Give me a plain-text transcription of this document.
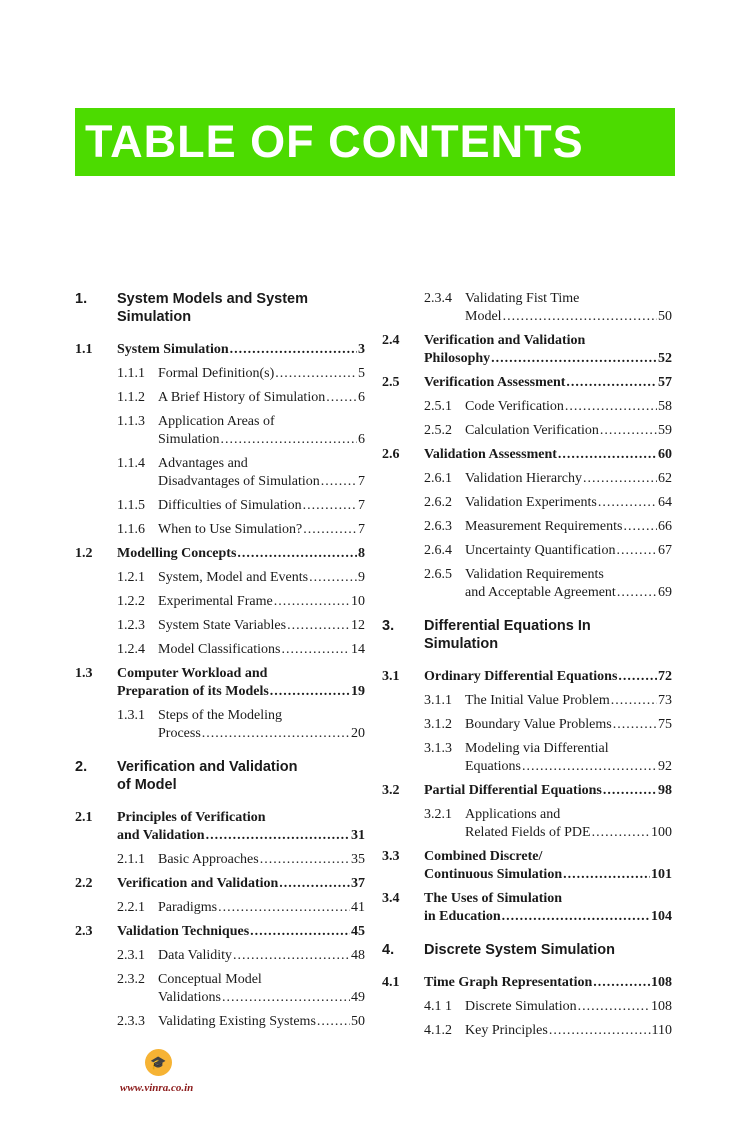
TABLE OF CONTENTS
1. System Models and System
Simulation
1.1 System Simulation .....	3
1.1.1 Formal Definition(s) .....	5
1.1.2 A Brief History of Simulation ..... 6
1.1.3 Application Areas of
Simulation .....	6
1.1.4 Advantages and
Disadvantages of Simulation .....	7
1.1.5 Difficulties of Simulation .....	7
1.1.6 When to Use Simulation? .....	7
1.2 Modelling Concepts .....	8
1.2.1 System, Model and Events .....	9
1.2.2 Experimental Frame .....	10
1.2.3 System State Variables .....	12
1.2.4 Model Classifications .....	14
1.3 Computer Workload and
Preparation of its Models .....	19
1.3.1 Steps of the Modeling
Process .....	20
2. Verification and Validation
of Model
2.1 Principles of Verification
and Validation .....	31
2.1.1 Basic Approaches .....	35
2.2 Verification and Validation .....	37
2.2.1 Paradigms .....	41
2.3 Validation Techniques .....	45
2.3.1 Data Validity .....	48
2.3.2 Conceptual Model
Validations .....	49
2.3.3 Validating Existing Systems .....	50
2.3.4 Validating Fist Time
Model .....	50
2.4 Verification and Validation
Philosophy .....	52
2.5 Verification Assessment .....	57
2.5.1 Code Verification .....	58
2.5.2 Calculation Verification .....	59
2.6 Validation Assessment .....	60
2.6.1 Validation Hierarchy .....	62
2.6.2 Validation Experiments .....	64
2.6.3 Measurement Requirements .....	66
2.6.4 Uncertainty Quantification .....	67
2.6.5 Validation Requirements
and Acceptable Agreement .....	69
3. Differential Equations In
Simulation
3.1 Ordinary Differential Equations .....	72
3.1.1 The Initial Value Problem .....	73
3.1.2 Boundary Value Problems .....	75
3.1.3 Modeling via Differential
Equations .....	92
3.2 Partial Differential Equations .....	98
3.2.1 Applications and
Related Fields of PDE .....	100
3.3 Combined Discrete/
Continuous Simulation .....	101
3.4 The Uses of Simulation
in Education .....	104
4. Discrete System Simulation
4.1 Time Graph Representation .....	108
4.1 1 Discrete Simulation .....	108
4.1.2 Key Principles .....	110
🎓
www.vinra.co.in
